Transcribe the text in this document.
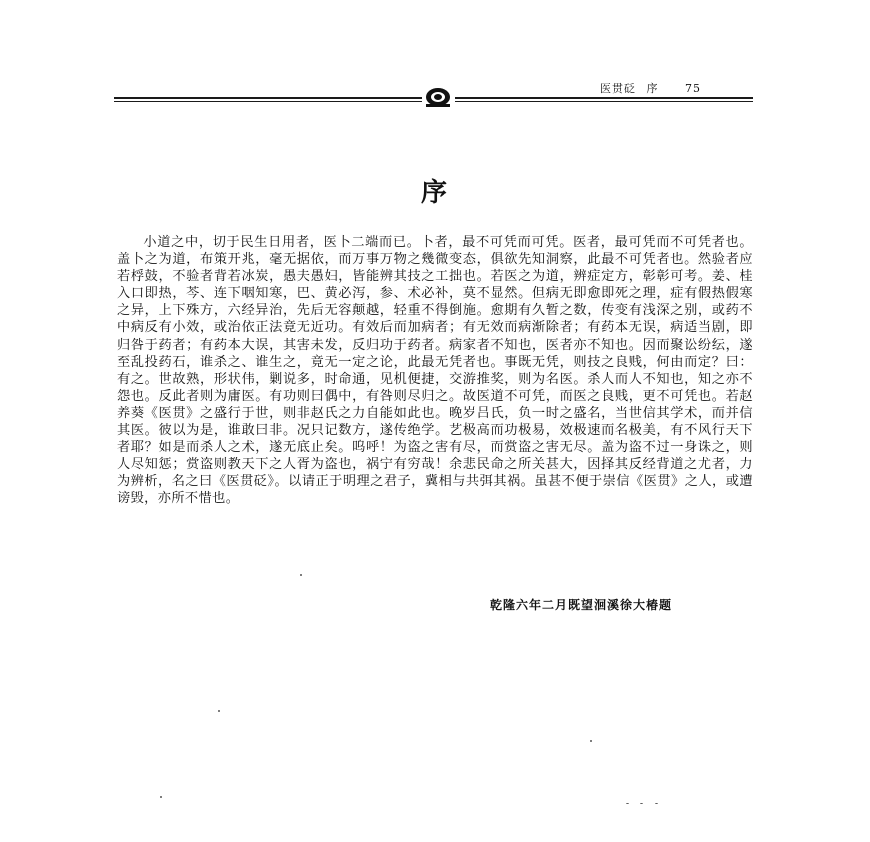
医贯砭 序 75
序

小道之中，切于民生日用者，医卜二端而已。卜者，最不可凭而可凭。医者，最可凭而不可凭者也。盖卜之为道，布策开兆，毫无据依，而万事万物之幾微变态，俱欲先知洞察，此最不可凭者也。然验者应若桴鼓，不验者背若冰炭，愚夫愚妇，皆能辨其技之工拙也。若医之为道，辨症定方，彰彰可考。姜、桂入口即热，芩、连下咽知寒，巴、黄必泻，参、术必补，莫不显然。但病无即愈即死之理，症有假热假寒之异，上下殊方，六经异治，先后无容颠越，轻重不得倒施。愈期有久暂之数，传变有浅深之别，或药不中病反有小效，或治依正法竟无近功。有效后而加病者；有无效而病渐除者；有药本无误，病适当剧，即归咎于药者；有药本大误，其害未发，反归功于药者。病家者不知也，医者亦不知也。因而聚讼纷纭，遂至乱投药石，谁杀之、谁生之，竟无一定之论，此最无凭者也。事既无凭，则技之良贱，何由而定？曰：有之。世故熟，形状伟，剿说多，时命通，见机便捷，交游推奖，则为名医。杀人而人不知也，知之亦不怨也。反此者则为庸医。有功则曰偶中，有咎则尽归之。故医道不可凭，而医之良贱，更不可凭也。若赵养葵《医贯》之盛行于世，则非赵氏之力自能如此也。晚岁吕氏，负一时之盛名，当世信其学术，而并信其医。彼以为是，谁敢曰非。况只记数方，遂传绝学。艺极高而功极易，效极速而名极美，有不风行天下者耶？如是而杀人之术，遂无底止矣。呜呼！为盗之害有尽，而赏盗之害无尽。盖为盗不过一身诛之，则人尽知惩；赏盗则教天下之人胥为盗也，祸宁有穷哉！余悲民命之所关甚大，因择其反经背道之尤者，力为辨析，名之曰《医贯砭》。以请正于明理之君子，冀相与共弭其祸。虽甚不便于崇信《医贯》之人，或遭谤毁，亦所不惜也。

乾隆六年二月既望洄溪徐大椿题
